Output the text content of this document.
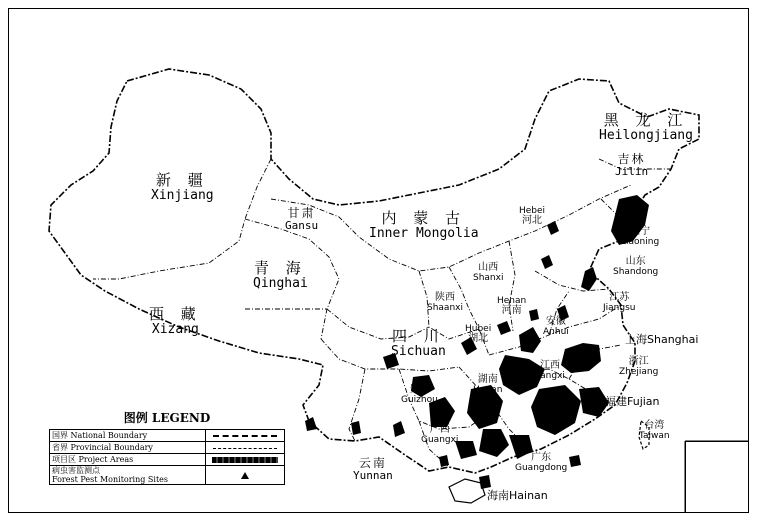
新 疆
Xinjiang
西 藏
Xizang
青 海
Qinghai
甘肃
Gansu	内 蒙 古
Inner Mongolia
黑 龙 江
Heilongjiang
吉林
Jilin
辽宁
Liaoning
Hebei
河北
山东
Shandong
山西
Shanxi
陕西
Shaanxi
Henan
河南
江苏
Jiangsu
安徽
Anhui
Hubei
湖北
四 川
Sichuan
湖南
Hunan
江西
Jiangxi
浙江
Zhejiang
贵州
Guizhou
广西
Guangxi
广东
Guangdong
云南
Yunnan
台湾
Taiwan
上海Shanghai
福建Fujian
海南Hainan
图例 LEGEND
国界 National Boundary	
省界 Provincial Boundary	
项目区 Project Areas	
病虫害监测点
Forest Pest Monitoring Sites	
